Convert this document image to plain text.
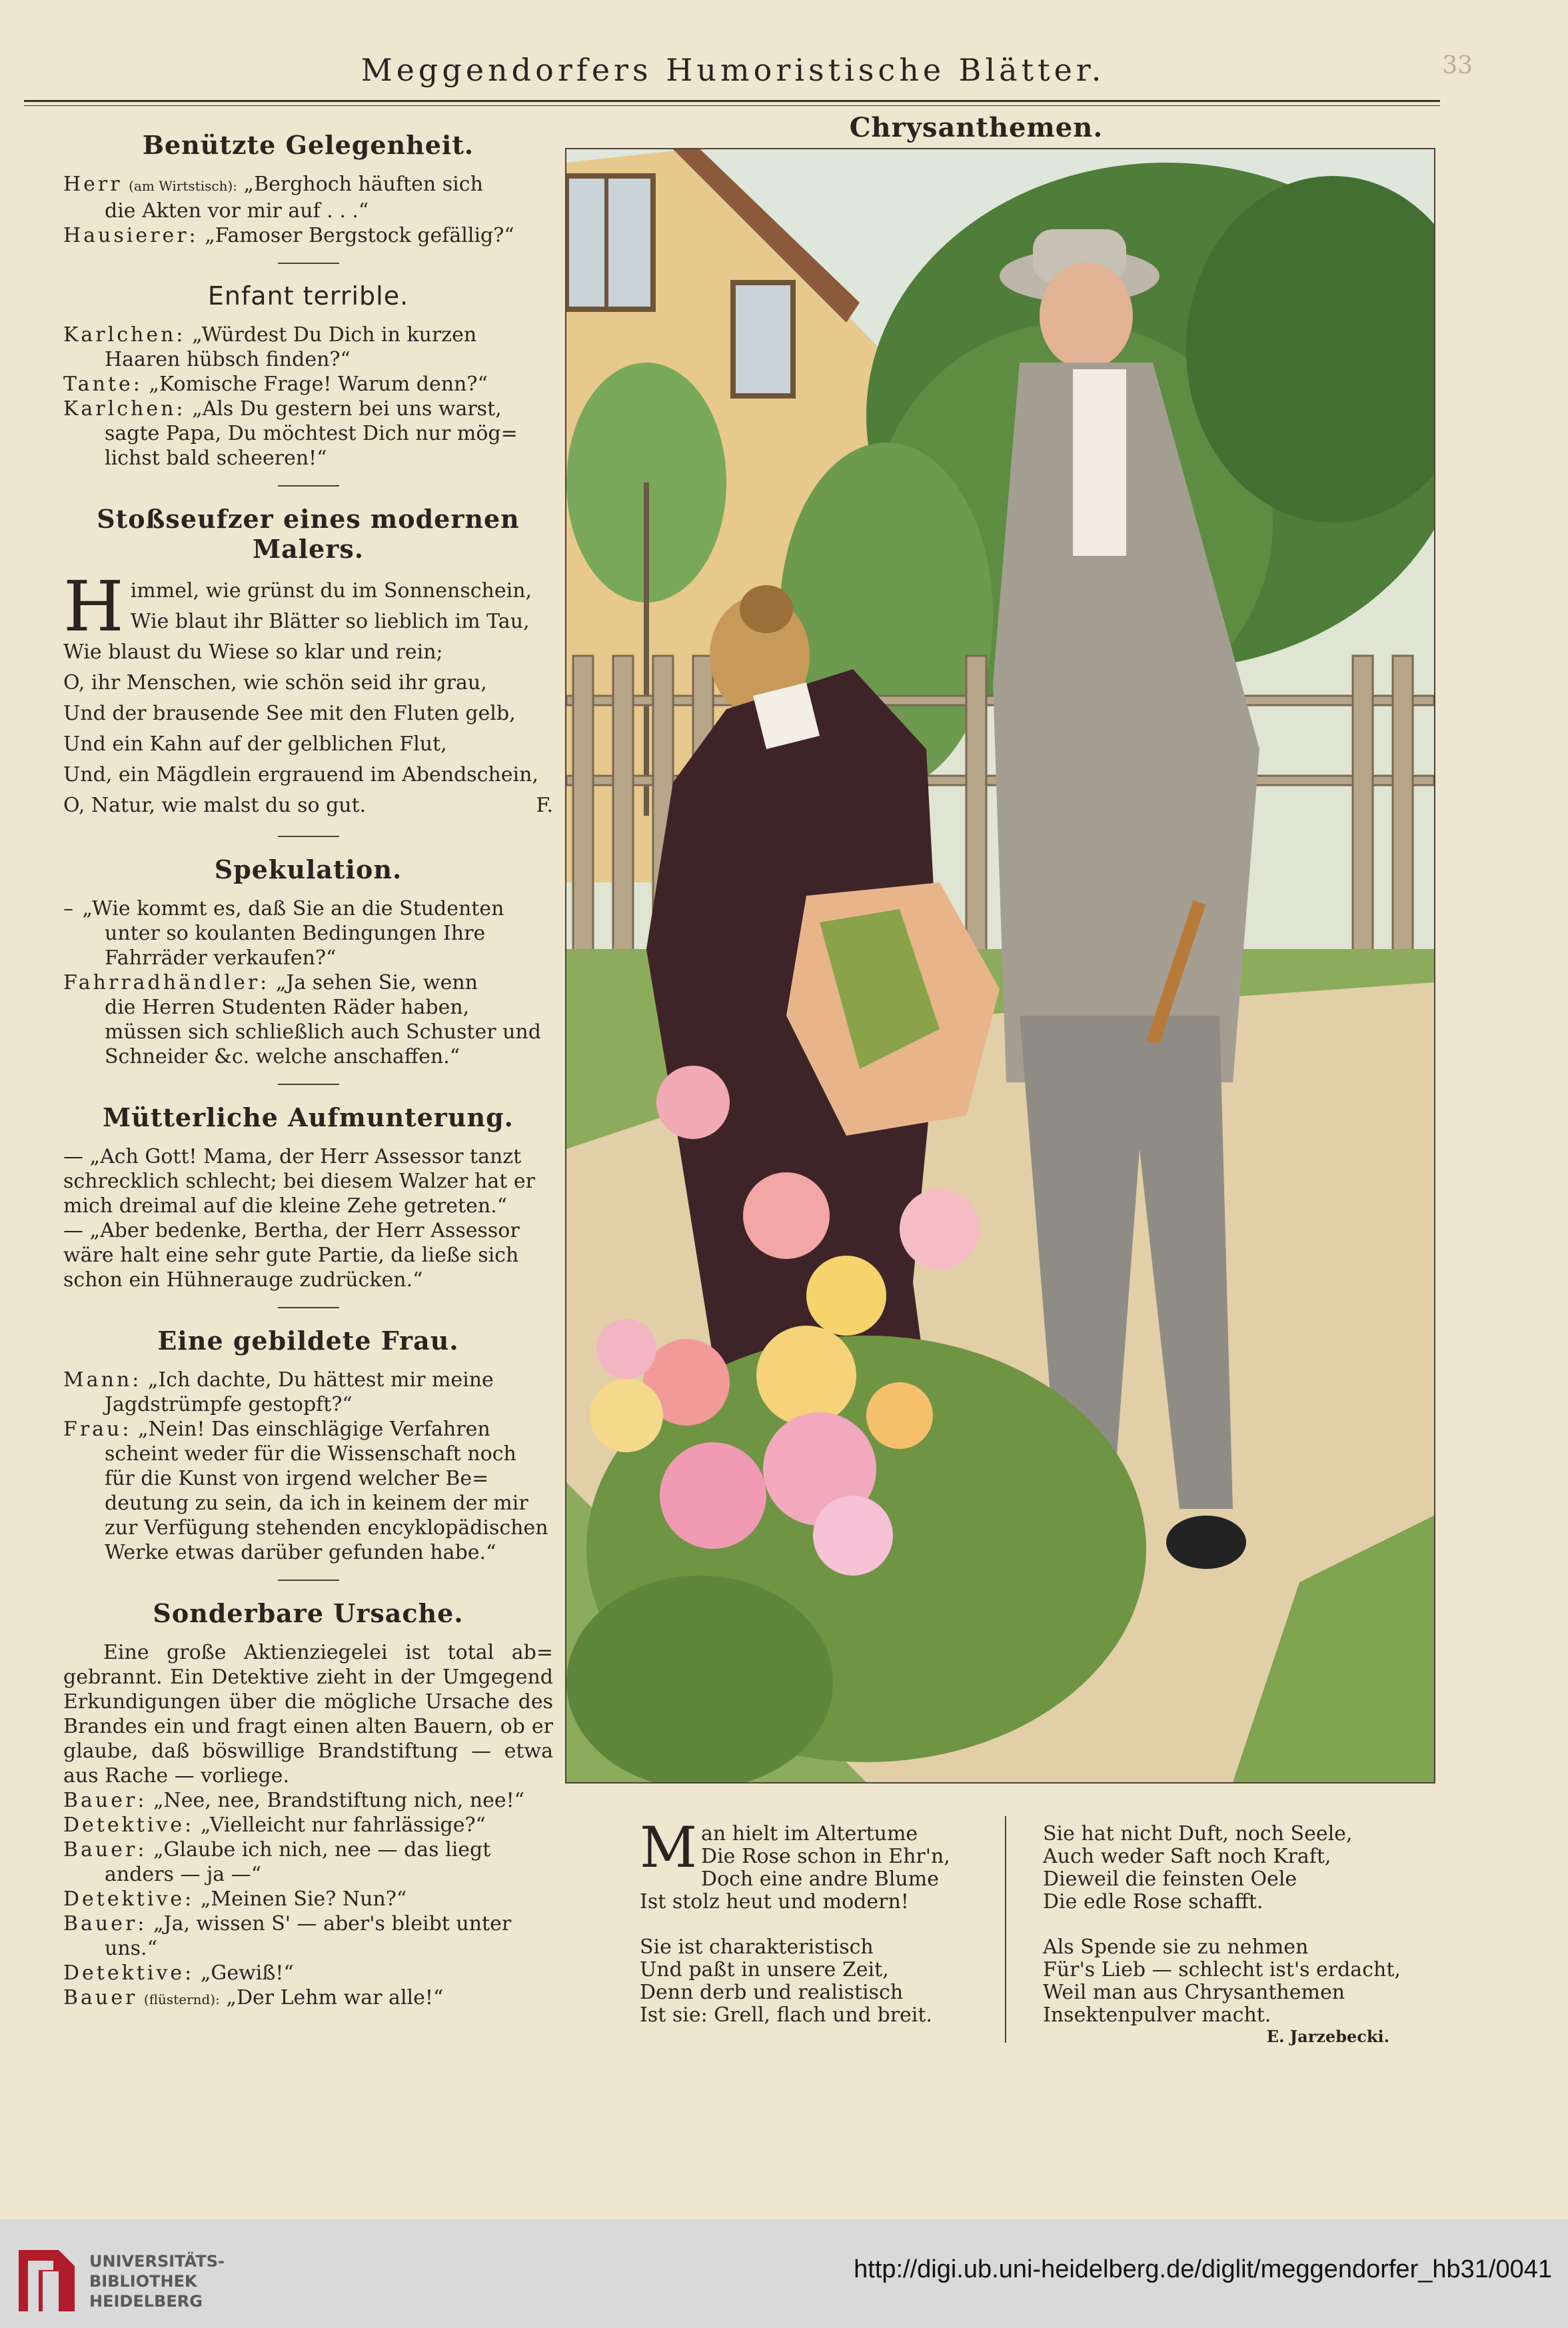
Meggendorfers Humoristische Blätter.	33
Benützte Gelegenheit.
Herr (am Wirtstisch): „Berghoch häuften sich
die Akten vor mir auf . . .“
Hausierer: „Famoser Bergstock gefällig?“
Enfant terrible.
Karlchen: „Würdest Du Dich in kurzen
Haaren hübsch finden?“
Tante: „Komische Frage! Warum denn?“
Karlchen: „Als Du gestern bei uns warst,
sagte Papa, Du möchtest Dich nur mög=
lichst bald scheeren!“
Stoßseufzer eines modernen Malers.
H immel, wie grünst du im Sonnenschein,
Wie blaut ihr Blätter so lieblich im Tau,
Wie blaust du Wiese so klar und rein;
O, ihr Menschen, wie schön seid ihr grau,
Und der brausende See mit den Fluten gelb,
Und ein Kahn auf der gelblichen Flut,
Und, ein Mägdlein ergrauend im Abendschein,
O, Natur, wie malst du so gut.	F.
Spekulation.
– „Wie kommt es, daß Sie an die Studenten
unter so koulanten Bedingungen Ihre
Fahrräder verkaufen?“
Fahrradhändler: „Ja sehen Sie, wenn
die Herren Studenten Räder haben,
müssen sich schließlich auch Schuster und
Schneider &c. welche anschaffen.“
Mütterliche Aufmunterung.
— „Ach Gott! Mama, der Herr Assessor tanzt
schrecklich schlecht; bei diesem Walzer hat er
mich dreimal auf die kleine Zehe getreten.“
— „Aber bedenke, Bertha, der Herr Assessor
wäre halt eine sehr gute Partie, da ließe sich
schon ein Hühnerauge zudrücken.“
Eine gebildete Frau.
Mann: „Ich dachte, Du hättest mir meine
Jagdstrümpfe gestopft?“
Frau: „Nein! Das einschlägige Verfahren
scheint weder für die Wissenschaft noch
für die Kunst von irgend welcher Be=
deutung zu sein, da ich in keinem der mir
zur Verfügung stehenden encyklopädischen
Werke etwas darüber gefunden habe.“
Sonderbare Ursache.
Eine große Aktienziegelei ist total ab= gebrannt. Ein Detektive zieht in der Umgegend Erkundigungen über die mögliche Ursache des Brandes ein und fragt einen alten Bauern, ob er glaube, daß böswillige Brandstiftung — etwa aus Rache — vorliege.
Bauer: „Nee, nee, Brandstiftung nich, nee!“
Detektive: „Vielleicht nur fahrlässige?“
Bauer: „Glaube ich nich, nee — das liegt
anders — ja —“
Detektive: „Meinen Sie? Nun?“
Bauer: „Ja, wissen S' — aber's bleibt unter
uns.“
Detektive: „Gewiß!“
Bauer (flüsternd): „Der Lehm war alle!“
Chrysanthemen.
Man hielt im Altertume
Die Rose schon in Ehr'n,
Doch eine andre Blume
Ist stolz heut und modern!
Sie ist charakteristisch
Und paßt in unsere Zeit,
Denn derb und realistisch
Ist sie: Grell, flach und breit.
Sie hat nicht Duft, noch Seele,
Auch weder Saft noch Kraft,
Dieweil die feinsten Oele
Die edle Rose schafft.
Als Spende sie zu nehmen
Für's Lieb — schlecht ist's erdacht,
Weil man aus Chrysanthemen
Insektenpulver macht.
E. Jarzebecki.
UNIVERSITÄTS-
BIBLIOTHEK
HEIDELBERG
http://digi.ub.uni-heidelberg.de/diglit/meggendorfer_hb31/0041
